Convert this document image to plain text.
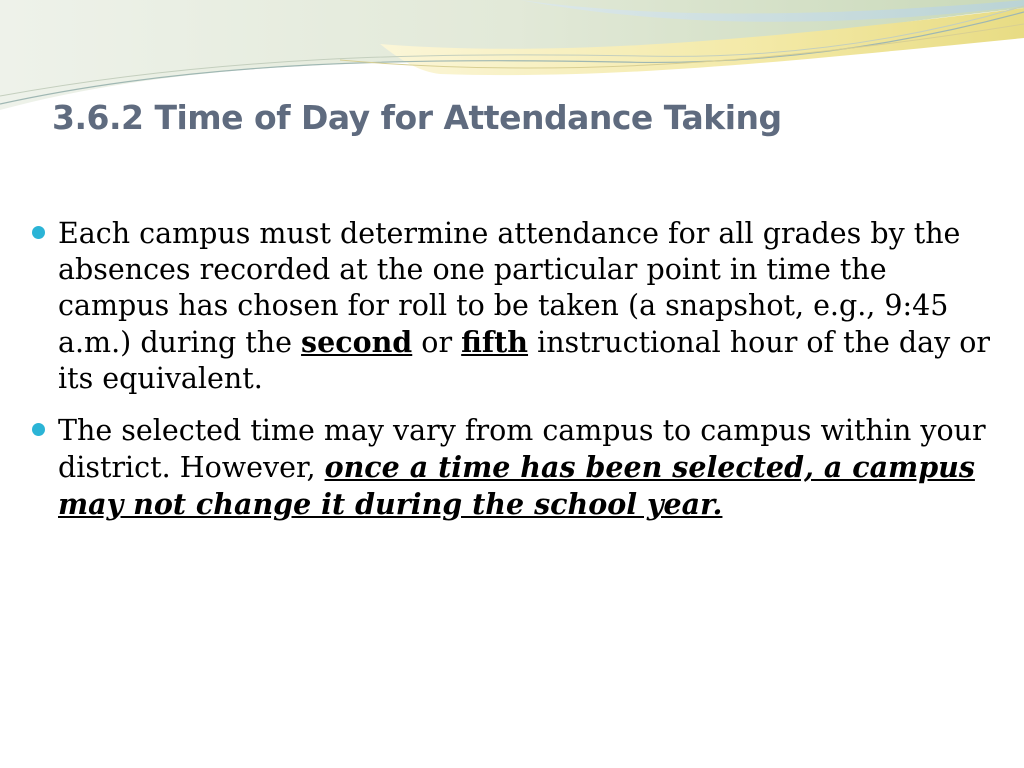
3.6.2 Time of Day for Attendance Taking
Each campus must determine attendance for all grades by the absences recorded at the one particular point in time the campus has chosen for roll to be taken (a snapshot, e.g., 9:45 a.m.) during the second or fifth instructional hour of the day or its equivalent.
The selected time may vary from campus to campus within your district. However, once a time has been selected, a campus may not change it during the school year.
